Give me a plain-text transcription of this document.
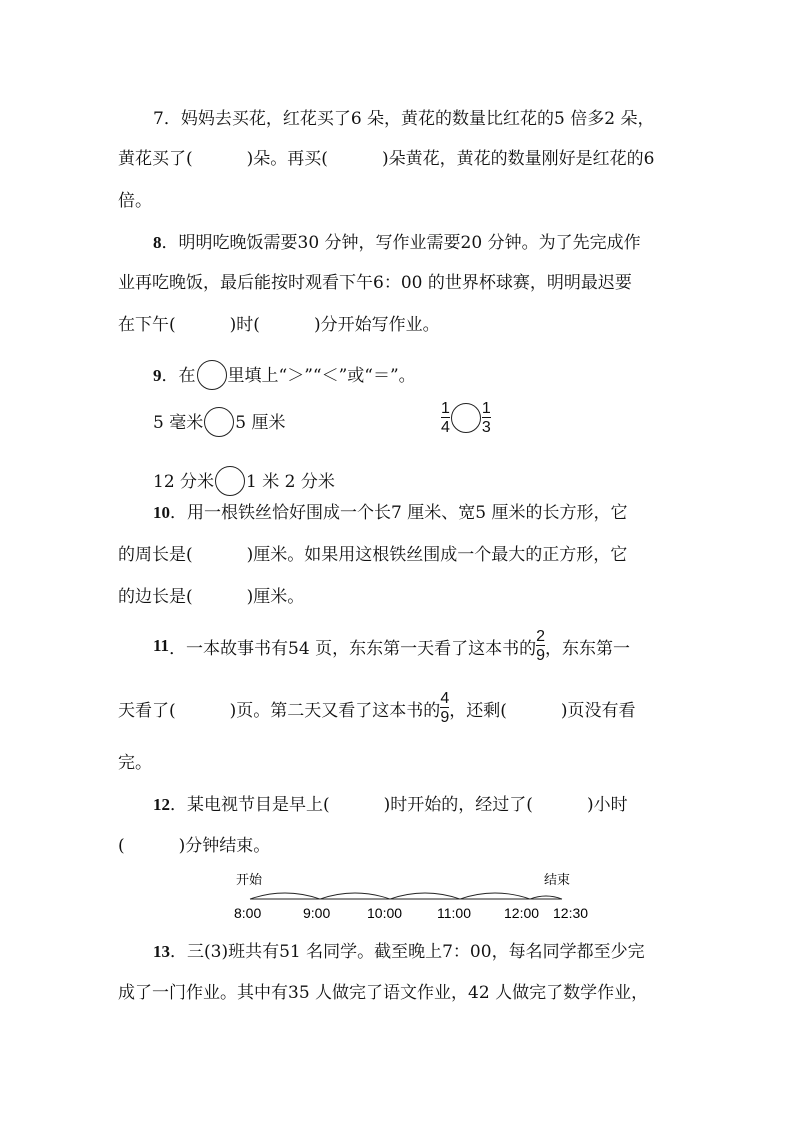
7．妈妈去买花，红花买了6 朵，黄花的数量比红花的5 倍多2 朵，
黄花买了(          )朵。再买(          )朵黄花，黄花的数量刚好是红花的6
倍。
8．明明吃晚饭需要30 分钟，写作业需要20 分钟。为了先完成作
业再吃晚饭，最后能按时观看下午6：00 的世界杯球赛，明明最迟要
在下午(          )时(          )分开始写作业。
9．在 里填上“＞”“＜”或“＝”。
5 毫米 5 厘米	$\frac{1}{4} \frac{1}{3}$
12 分米 1 米 2 分米
10．用一根铁丝恰好围成一个长7 厘米、宽5 厘米的长方形，它
的周长是(          )厘米。如果用这根铁丝围成一个最大的正方形，它
的边长是(          )厘米。
11 ．一本故事书有54 页，东东第一天看了这本书的 $\frac{2}{9}$ ，东东第一
天看了(          )页。第二天又看了这本书的 $\frac{4}{9}$ ，还剩(          )页没有看
完。
12．某电视节目是早上(          )时开始的，经过了(          )小时
(          )分钟结束。
开始	结束
8:00	9:00	10:00 11:00 12:00 12:30
13．三(3)班共有51 名同学。截至晚上7：00，每名同学都至少完
成了一门作业。其中有35 人做完了语文作业，42 人做完了数学作业，
